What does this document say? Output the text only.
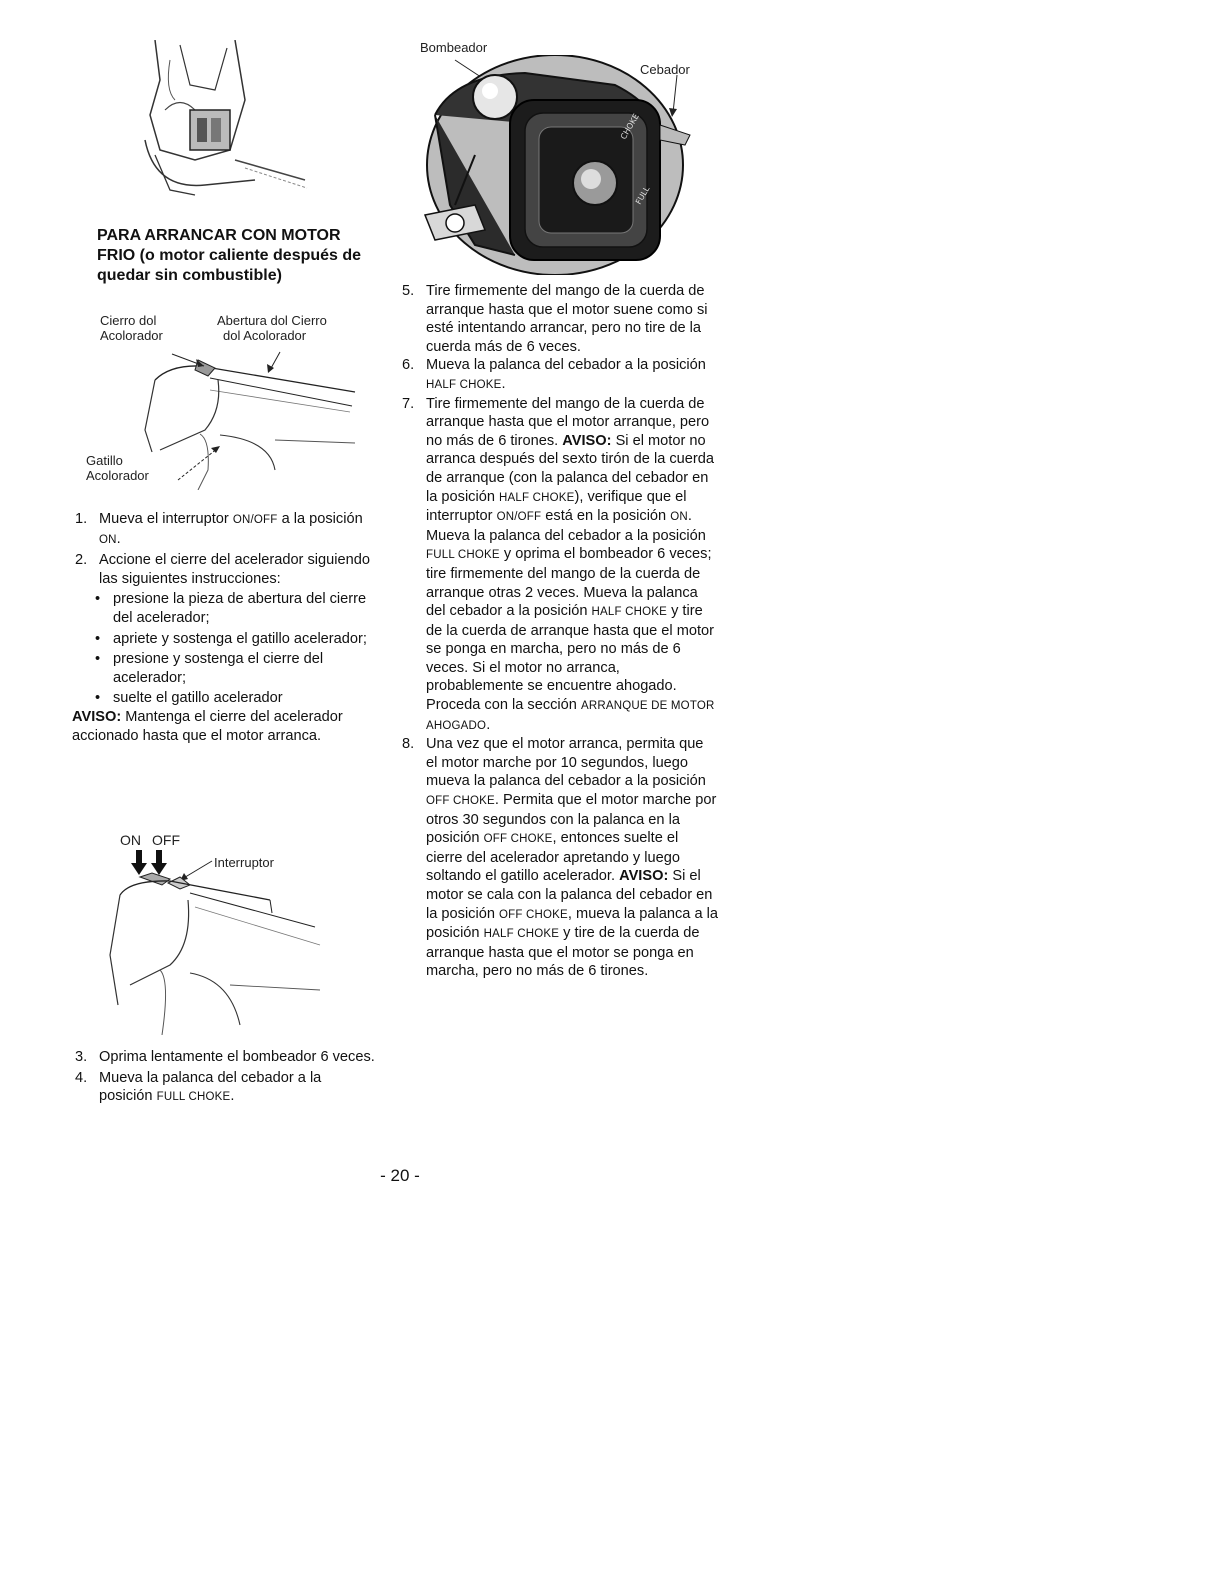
PARA ARRANCAR CON MOTOR
FRIO (o motor caliente después de
quedar sin combustible)
Cierro dol
Acolorador
Abertura dol Cierro
dol Acolorador
Gatillo
Acolorador
1. Mueva el interruptor ON/OFF a la posición ON.
2. Accione el cierre del acelerador siguiendo las siguientes instrucciones:
• presione la pieza de abertura del cierre del acelerador;
• apriete y sostenga el gatillo acelerador;
• presione y sostenga el cierre del acelerador;
• suelte el gatillo acelerador
AVISO: Mantenga el cierre del acelerador accionado hasta que el motor arranca.
ON OFF
Interruptor
3. Oprima lentamente el bombeador 6 veces.
4. Mueva la palanca del cebador a la posición FULL CHOKE.
Bombeador
Cebador
CHOKE
FULL
5. Tire firmemente del mango de la cuerda de arranque hasta que el motor suene como si esté intentando arrancar, pero no tire de la cuerda más de 6 veces.
6. Mueva la palanca del cebador a la posición HALF CHOKE.
7. Tire firmemente del mango de la cuerda de arranque hasta que el motor arranque, pero no más de 6 tirones. AVISO: Si el motor no arranca después del sexto tirón de la cuerda de arranque (con la palanca del cebador en la posición HALF CHOKE), verifique que el interruptor ON/OFF está en la posición ON. Mueva la palanca del cebador a la posición FULL CHOKE y oprima el bombeador 6 veces; tire firmemente del mango de la cuerda de arranque otras 2 veces. Mueva la palanca del cebador a la posición HALF CHOKE y tire de la cuerda de arranque hasta que el motor se ponga en marcha, pero no más de 6 veces. Si el motor no arranca, probablemente se encuentre ahogado. Proceda con la sección ARRANQUE DE MOTOR AHOGADO.
8. Una vez que el motor arranca, permita que el motor marche por 10 segundos, luego mueva la palanca del cebador a la posición OFF CHOKE. Permita que el motor marche por otros 30 segundos con la palanca en la posición OFF CHOKE, entonces suelte el cierre del acelerador apretando y luego soltando el gatillo acelerador. AVISO: Si el motor se cala con la palanca del cebador en la posición OFF CHOKE, mueva la palanca a la posición HALF CHOKE y tire de la cuerda de arranque hasta que el motor se ponga en marcha, pero no más de 6 tirones.
- 20 -
